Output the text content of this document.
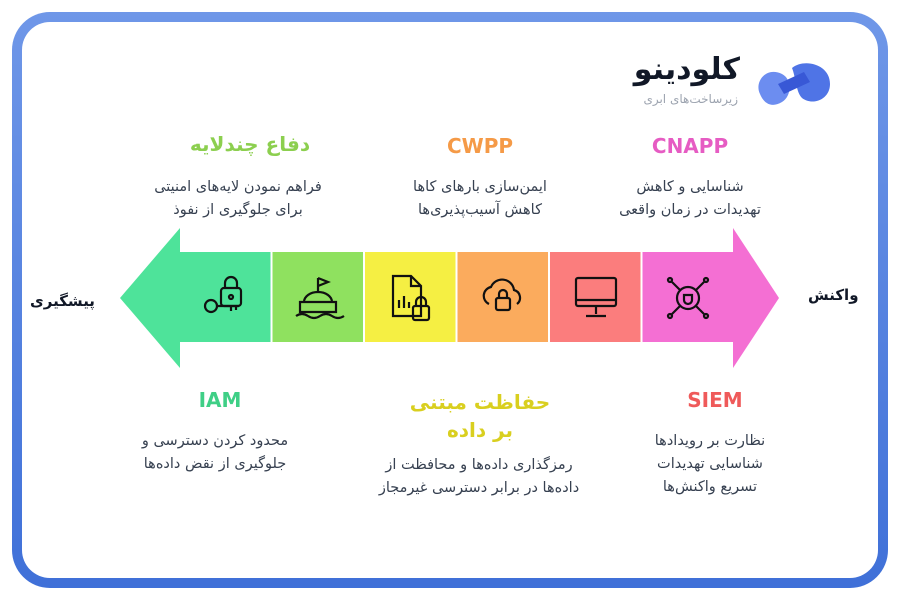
کلودینو
زیرساخت‌های ابری
دفاع چندلایه
فراهم نمودن لایه‌های امنیتی
برای جلوگیری از نفوذ
CWPP
ایمن‌سازی بارهای کاها
کاهش آسیب‌پذیری‌ها
CNAPP
شناسایی و کاهش
تهدیدات در زمان واقعی
پیشگیری	واکنش
IAM
محدود کردن دسترسی و
جلوگیری از نقض داده‌ها
حفاظت مبتنی
بر داده
رمزگذاری داده‌ها و محافظت از
داده‌ها در برابر دسترسی غیرمجاز
SIEM
نظارت بر رویدادها
شناسایی تهدیدات
تسریع واکنش‌ها
